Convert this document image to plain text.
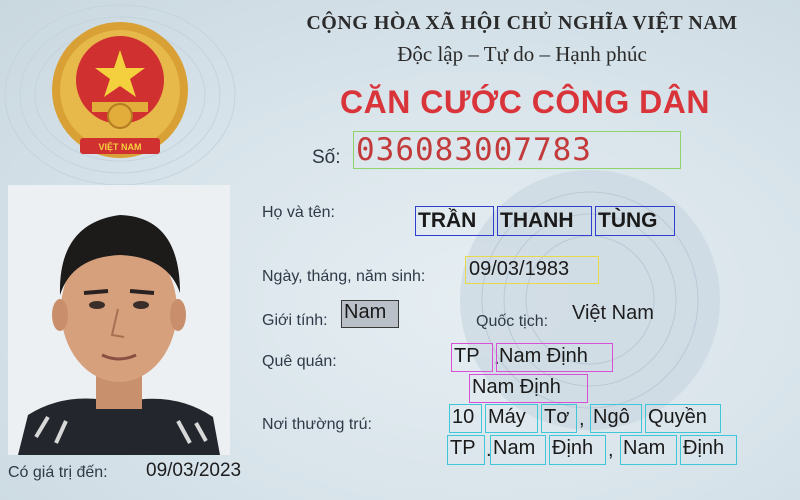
VIỆT NAM
CỘNG HÒA XÃ HỘI CHỦ NGHĨA VIỆT NAM
Độc lập – Tự do – Hạnh phúc
CĂN CƯỚC CÔNG DÂN
Số: 036083007783
Họ và tên:	TRẦN	THANH	TÙNG
Ngày, tháng, năm sinh: 09/03/1983
Giới tính: Nam	Quốc tịch: Việt Nam
Quê quán:	TP . Nam Định
Nam Định
Nơi thường trú:	10 Máy Tơ , Ngô Quyền
TP . Nam Định , Nam Định
Có giá trị đến: 09/03/2023
